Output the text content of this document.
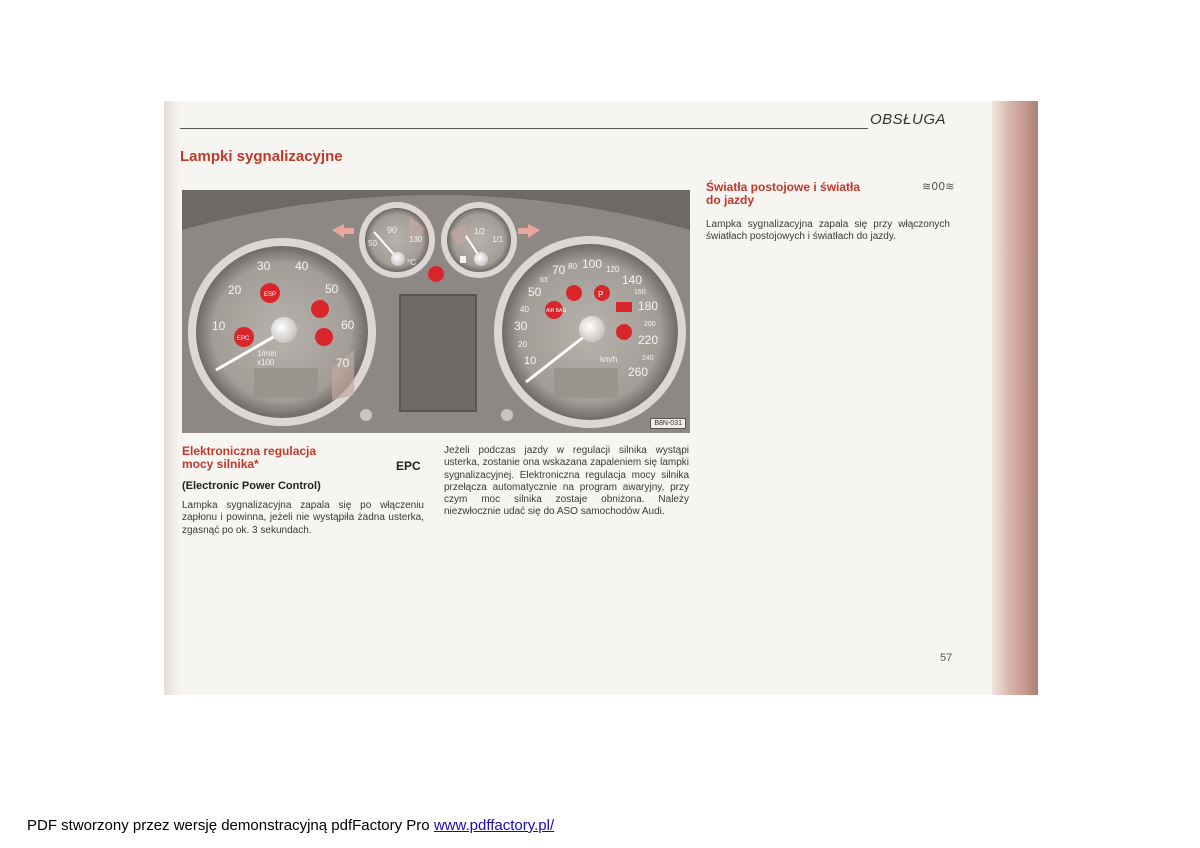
OBSŁUGA
Lampki sygnalizacyjne
10
20
30 40
50
60
70
1/min
x100
EPC
ESP
50
90
130
°C
1/2
1/1
10
20
30
40
50
63
70 80 100 120
140
160
180
200
220
240
260
km/h
P
AIR BAG
B8N-031
Elektroniczna regulacja
mocy silnika*	EPC
(Electronic Power Control)
Lampka sygnalizacyjna zapala się po włączeniu zapłonu i powinna, jeżeli nie wystąpiła żadna usterka, zgasnąć po ok. 3 sekundach.
Jeżeli podczas jazdy w regulacji silnika wystąpi usterka, zostanie ona wskazana zapaleniem się lampki sygnalizacyjnej. Elektroniczna regulacja mocy silnika przełącza automatycznie na program awaryjny, przy czym moc silnika zostaje obniżona. Należy niezwłocznie udać się do ASO samochodów Audi.
Światła postojowe i światła
do jazdy
≋00≋
Lampka sygnalizacyjna zapala się przy włączonych światłach postojowych i światłach do jazdy.
57
PDF stworzony przez wersję demonstracyjną pdfFactory Pro www.pdffactory.pl/
